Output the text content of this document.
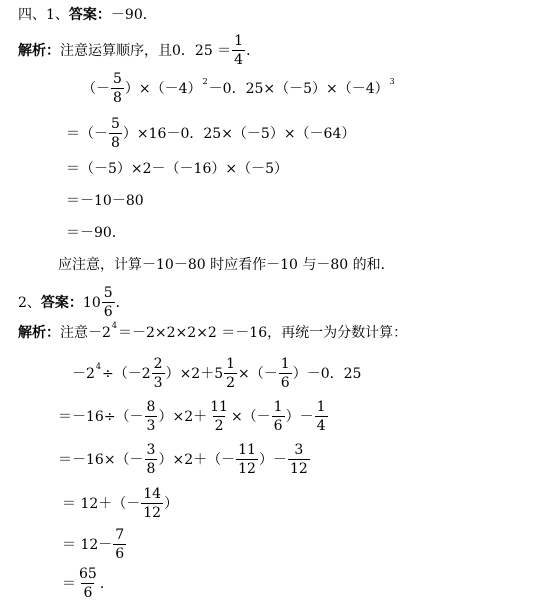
四、1、 答案： －90．
解析： 注意运算顺序，且0．$25 = \frac{1}{4}$ ．
（－ $\frac{5}{8} )\times(-4)$ 2 －0．25×（－5）×（－4） 3
＝（－ $\frac{5}{8} )\times 16-0$．25×（－5）×（－64）
＝（－5）×2－（－16）×（－5）
＝－10－80
＝－90．
应注意，计算－10－80 时应看作－10 与－80 的和．
2、 答案： $10 \frac{5}{6}$ ．
解析： 注意－2 4 ＝－2×2×2×2 ＝－16，再统一为分数计算：
－2 $4 \div(-2 \frac{2}{3} )\times 2+5 \frac{1}{2}$ ×（－ $\frac{1}{6} )-0$．25
$=-16\div(- \frac{8}{3} )\times 2+ \frac{11}{2}$ ×（－ $\frac{1}{6}$ ）－ $\frac{1}{4}$
$=-16\times(- \frac{3}{8} )\times 2+(- \frac{11}{12}$ ）－ $\frac{3}{12}$
＝ $12+(- \frac{14}{12}$ ）
＝ $12- \frac{7}{6}$
＝ $\frac{65}{6}$ ．
